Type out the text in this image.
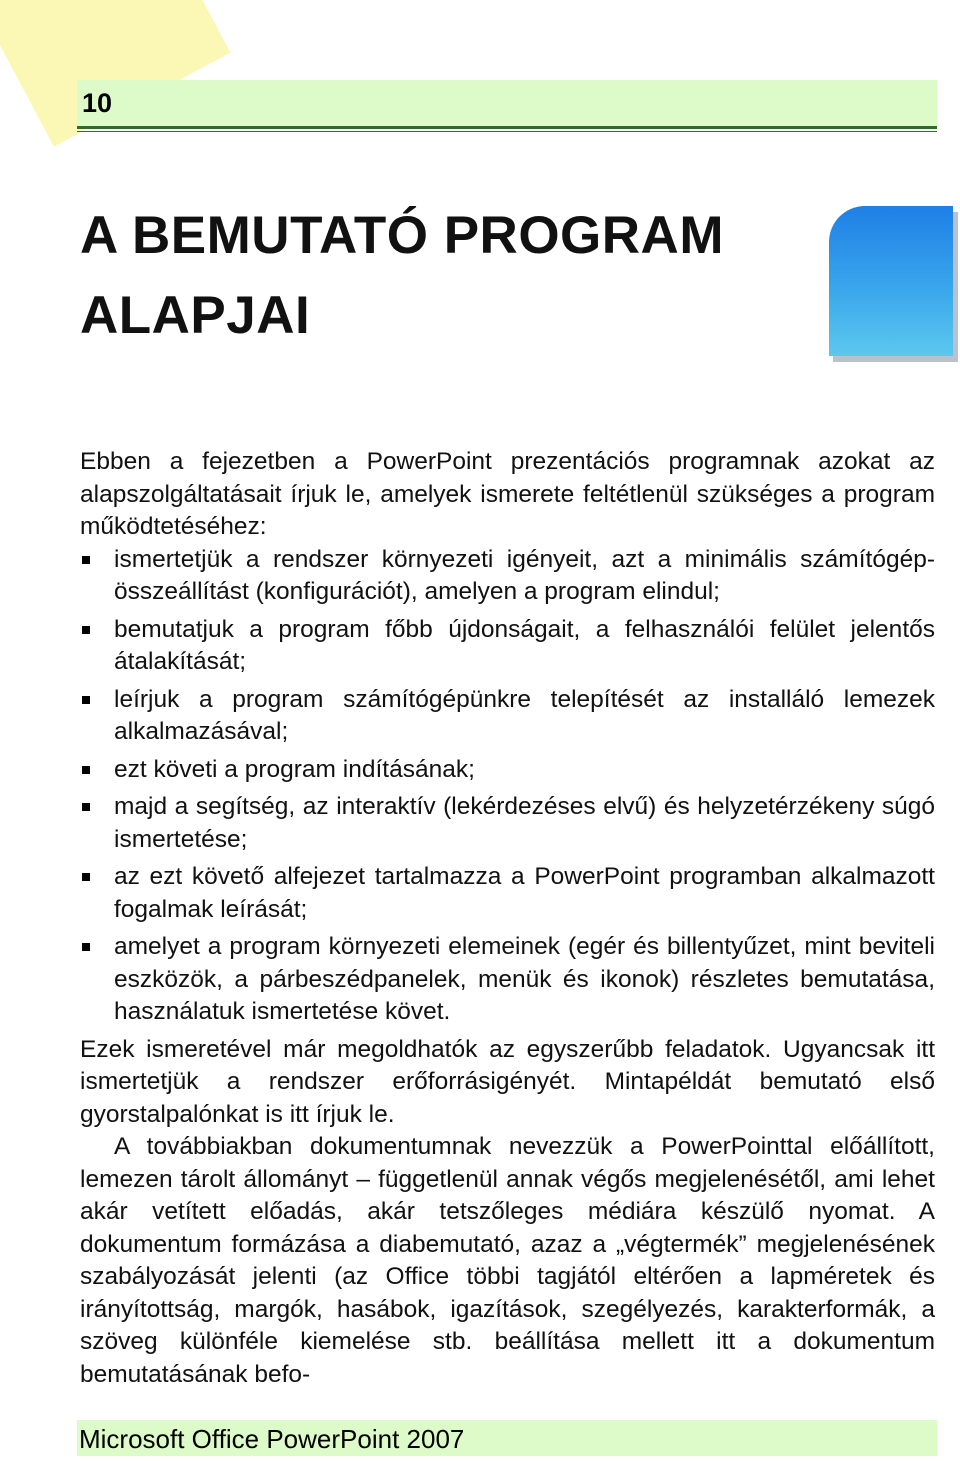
10
A BEMUTATÓ PROGRAM
ALAPJAI

Ebben a fejezetben a PowerPoint prezentációs programnak azokat az alapszolgáltatásait írjuk le, amelyek ismerete feltétlenül szükséges a program működtetéséhez:

ismertetjük a rendszer környezeti igényeit, azt a minimális számítógép-összeállítást (konfigurációt), amelyen a program elindul;
bemutatjuk a program főbb újdonságait, a felhasználói felület jelentős átalakítását;
leírjuk a program számítógépünkre telepítését az installáló lemezek alkalmazásával;
ezt követi a program indításának;
majd a segítség, az interaktív (lekérdezéses elvű) és helyzetérzékeny súgó ismertetése;
az ezt követő alfejezet tartalmazza a PowerPoint programban alkalmazott fogalmak leírását;
amelyet a program környezeti elemeinek (egér és billentyűzet, mint beviteli eszközök, a párbeszédpanelek, menük és ikonok) részletes bemutatása, használatuk ismertetése követ.

Ezek ismeretével már megoldhatók az egyszerűbb feladatok. Ugyancsak itt ismertetjük a rendszer erőforrásigényét. Mintapéldát bemutató első gyorstalpalónkat is itt írjuk le.

A továbbiakban dokumentumnak nevezzük a PowerPointtal előállított, lemezen tárolt állományt – függetlenül annak végős megjelenésétől, ami lehet akár vetített előadás, akár tetszőleges médiára készülő nyomat. A dokumentum formázása a diabemutató, azaz a „végtermék” megjelenésének szabályozását jelenti (az Office többi tagjától eltérően a lapméretek és irányítottság, margók, hasábok, igazítások, szegélyezés, karakterformák, a szöveg különféle kiemelése stb. beállítása mellett itt a dokumentum bemutatásának befo-

Microsoft Office PowerPoint 2007
